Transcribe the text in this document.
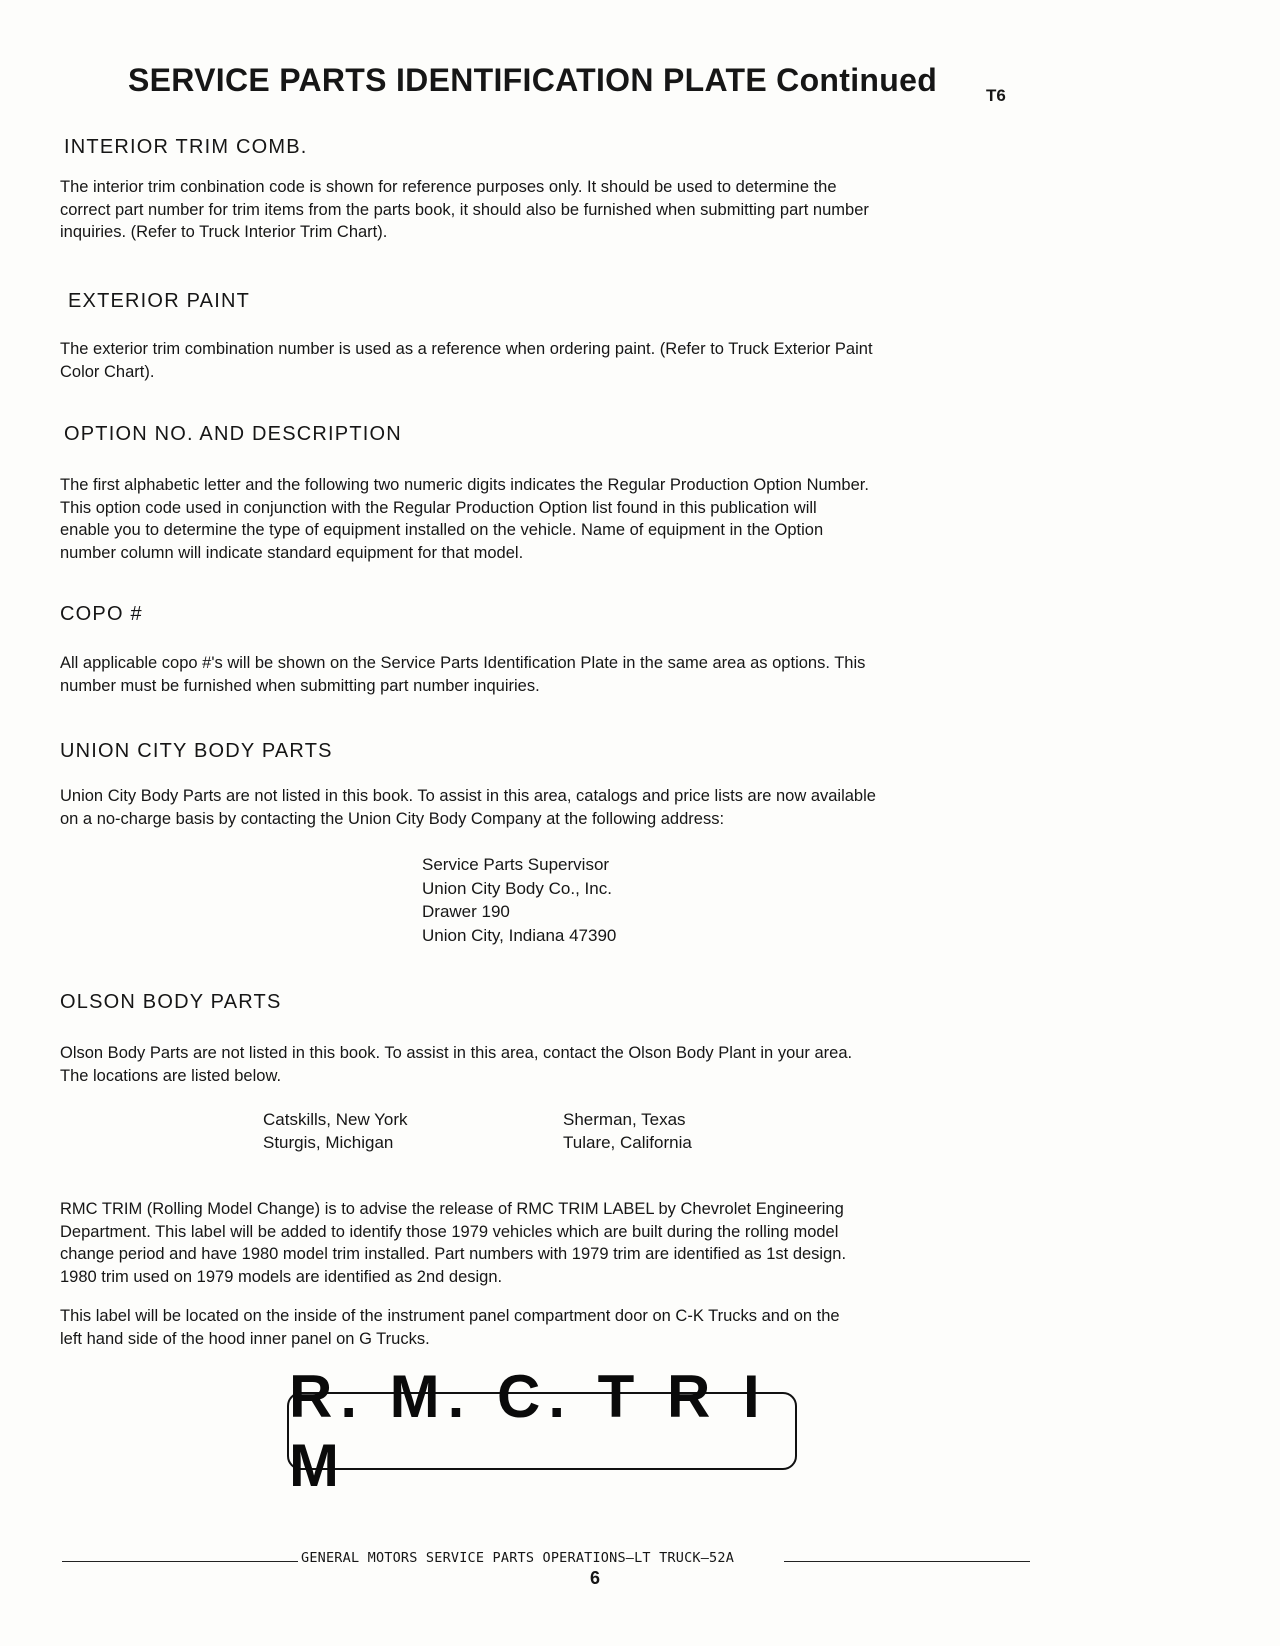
SERVICE PARTS IDENTIFICATION PLATE Continued	T6
INTERIOR TRIM COMB.
The interior trim conbination code is shown for reference purposes only. It should be used to determine the
correct part number for trim items from the parts book, it should also be furnished when submitting part number
inquiries. (Refer to Truck Interior Trim Chart).
EXTERIOR PAINT
The exterior trim combination number is used as a reference when ordering paint. (Refer to Truck Exterior Paint
Color Chart).
OPTION NO. AND DESCRIPTION
The first alphabetic letter and the following two numeric digits indicates the Regular Production Option Number.
This option code used in conjunction with the Regular Production Option list found in this publication will
enable you to determine the type of equipment installed on the vehicle. Name of equipment in the Option
number column will indicate standard equipment for that model.
COPO #
All applicable copo #'s will be shown on the Service Parts Identification Plate in the same area as options. This
number must be furnished when submitting part number inquiries.
UNION CITY BODY PARTS
Union City Body Parts are not listed in this book. To assist in this area, catalogs and price lists are now available
on a no-charge basis by contacting the Union City Body Company at the following address:
Service Parts Supervisor
Union City Body Co., Inc.
Drawer 190
Union City, Indiana 47390
OLSON BODY PARTS
Olson Body Parts are not listed in this book. To assist in this area, contact the Olson Body Plant in your area.
The locations are listed below.
Catskills, New York
Sturgis, Michigan
Sherman, Texas
Tulare, California
RMC TRIM (Rolling Model Change) is to advise the release of RMC TRIM LABEL by Chevrolet Engineering
Department. This label will be added to identify those 1979 vehicles which are built during the rolling model
change period and have 1980 model trim installed. Part numbers with 1979 trim are identified as 1st design.
1980 trim used on 1979 models are identified as 2nd design.
This label will be located on the inside of the instrument panel compartment door on C-K Trucks and on the
left hand side of the hood inner panel on G Trucks.
R. M. C. T R I M
GENERAL MOTORS SERVICE PARTS OPERATIONS—LT TRUCK—52A
6
